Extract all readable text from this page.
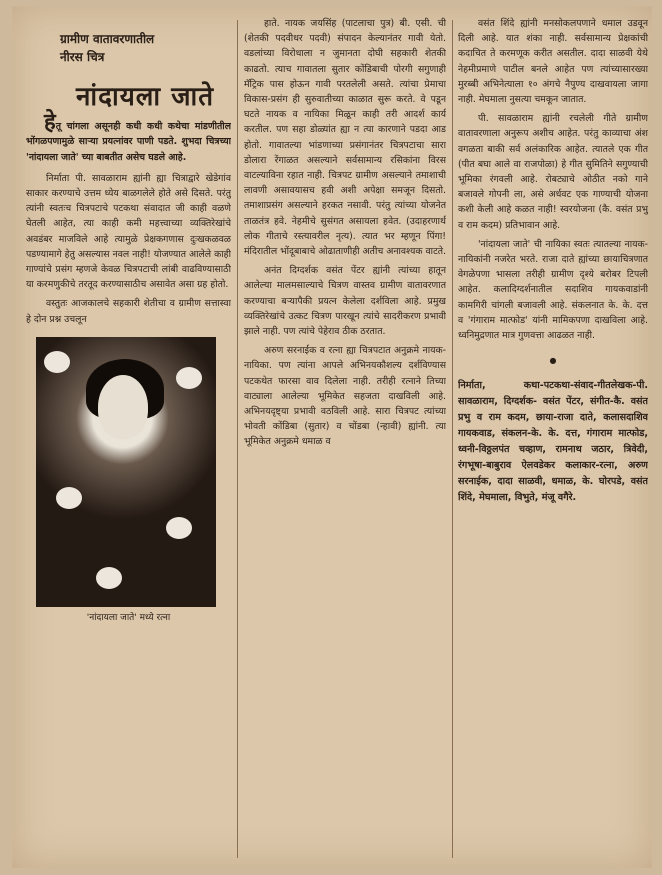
ग्रामीण वातावरणातील
नीरस चित्र
नांदायला जाते
हेतू चांगला असूनही कधी कधी कथेचा मांडणीतील भोंगळपणामुळे साऱ्या प्रयत्नांवर पाणी पडते. शुभदा चित्रच्या 'नांदायला जाते' च्या बाबतीत असेच घडले आहे.

निर्माता पी. सावळाराम ह्यांनी ह्या चित्राद्वारे खेडेगांव साकार करण्याचे उत्तम ध्येय बाळगलेले होते असे दिसते. परंतु त्यांनी स्वतःच चित्रपटाचे पटकथा संवादात जी काही वळणे घेतली आहेत, त्या काही कमी महत्त्वाच्या व्यक्तिरेखांचे अवडंबर माजविले आहे त्यामुळे प्रेक्षकगणास दुःखकळवळ पडण्यामागे हेतु असल्यास नवल नाही! योजण्यात आलेले काही गाण्यांचे प्रसंग म्हणजे केवळ चित्रपटाची लांबी वाढविण्यासाठी या करमणुकीचे तरतूद करण्यासाठीच असावेत असा ग्रह होतो.

वस्तुतः आजकालचे सहकारी शेतीचा व ग्रामीण सत्तास्वा हे दोन प्रश्न उचलून

'नांदायला जाते' मध्ये रत्ना

हाते. नायक जयसिंह (पाटलाचा पुत्र) बी. एसी. ची (शेतकी पदवीधर पदवी) संपादन केल्यानंतर गावी येतो. वडलांच्या विरोधाला न जुमानता दोघी सहकारी शेतकी काढतो. त्याच गावातला सुतार कोंडिबाची पोरगी सगुणाही मॅट्रिक पास होऊन गावी परतलेली असते. त्यांचा प्रेमाचा विकास-प्रसंग ही सुरुवातीच्या काळात सुरू करते. वे पडून घटते नायक व नायिका मिळून काही तरी आदर्श कार्य करतील. पण सहा डोळ्यांत ह्या न त्या कारणाने पडदा आड होतो. गावातल्या भांडणाच्या प्रसंगानंतर चित्रपटाचा सारा डोलारा रेंगाळत असल्याने सर्वसामान्य रसिकांना विरस वाटल्याविना रहात नाही. चित्रपट ग्रामीण असल्याने तमाशाची लावणी असावयासच हवी अशी अपेक्षा समजून दिसतो. तमाशाप्रसंग असल्याने हरकत नसावी. परंतु त्यांच्या योजनेत ताळतंत्र हवे. नेहमीचे सुसंगत असायला हवेत. (उदाहरणार्थ लोक गीताचे रस्त्यावरील नृत्य). त्यात भर म्हणून पिंगा! मंदिरातील भोंदूबाबाचे ओढाताणीही अतीच अनावश्यक वाटते.

अनंत दिग्दर्शक वसंत पेंटर ह्यांनी त्यांच्या हातून आलेल्या मालमसाल्याचे चित्रण वास्तव ग्रामीण वातावरणात करण्याचा बऱ्यापैकी प्रयत्न केलेला दर्शविला आहे. प्रमुख व्यक्तिरेखांचे उत्कट चित्रण पारखून त्यांचे सादरीकरण प्रभावी झाले नाही. पण त्यांचे पेहेराव ठीक ठरतात.

अरुण सरनाईक व रत्ना ह्या चित्रपटात अनुक्रमे नायक-नायिका. पण त्यांना आपले अभिनयकौशल्य दर्शविण्यास पटकथेत फारसा वाव दिलेला नाही. तरीही रत्नाने तिच्या वाट्याला आलेल्या भूमिकेत सहजता दाखविली आहे. अभिनयदृष्ट्या प्रभावी वठविली आहे. सारा चित्रपट त्यांच्या भोवती कोंडिबा (सुतार) व चोंडबा (न्हावी) ह्यांनी. त्या भूमिकेत अनुक्रमे धमाळ व

वसंत शिंदे ह्यांनी मनसोकलपणाने धमाल उडवून दिली आहे. यात शंका नाही. सर्वसामान्य प्रेक्षकांची कदाचित ते करमणूक करीत असतील. दादा साळवी येथे नेहमीप्रमाणे पाटील बनले आहेत पण त्यांच्यासारख्या मुरब्बी अभिनेत्याला १० अंगचे नैपुण्य दाखवायला जागा नाही. मेघमाला नुसत्या चमकून जातात.

पी. सावळाराम ह्यांनी रचलेली गीते ग्रामीण वातावरणाला अनुरूप अशीच आहेत. परंतु काव्याचा अंश वगळता बाकी सर्व अलंकारिक आहेत. त्यातले एक गीत (पीत बघा आले वा राजपोळा) हे गीत सुमितिने सगुण्याची भूमिका रंगवली आहे. रोबट्याचे ओठीत नको गाने बजावले गोपनी ला, असे अर्धवट एक गाण्याची योजना कशी केली आहे कळत नाही! स्वरयोजना (कै. वसंत प्रभु व राम कदम) प्रतिभावान आहे.

'नांदायला जाते' ची नायिका स्वतः त्यातल्या नायक-नायिकांनी नजरेत भरते. राजा दाते ह्यांच्या छायाचित्रणात वेगळेपणा भासला तरीही ग्रामीण दृश्ये बरोबर टिपली आहेत. कलादिग्दर्शनातील सदाशिव गायकवाडांनी कामगिरी चांगली बजावली आहे. संकलनात के. के. दत्त व 'गंगाराम मात्फोड' यांनी मामिकपणा दाखविला आहे. ध्वनिमुद्रणात मात्र गुणवत्ता आढळत नाही.

●
निर्माता, कथा-पटकथा-संवाद-गीतलेखक-पी. सावळाराम, दिग्दर्शक- वसंत पेंटर, संगीत-कै. वसंत प्रभु व राम कदम, छाया-राजा दाते, कलासदाशिव गायकवाड, संकलन-के. के. दत्त, गंगाराम मात्फोड, ध्वनी-विठ्ठलपंत चव्हाण, रामनाथ जठार, त्रिवेदी, रंगभूषा-बाबुराव ऐलवडेकर कलाकार-रत्ना, अरुण सरनाईक, दादा साळवी, धमाळ, के. घोरपडे, वसंत शिंदे, मेघमाला, विभुते, मंजू वगैरे.
